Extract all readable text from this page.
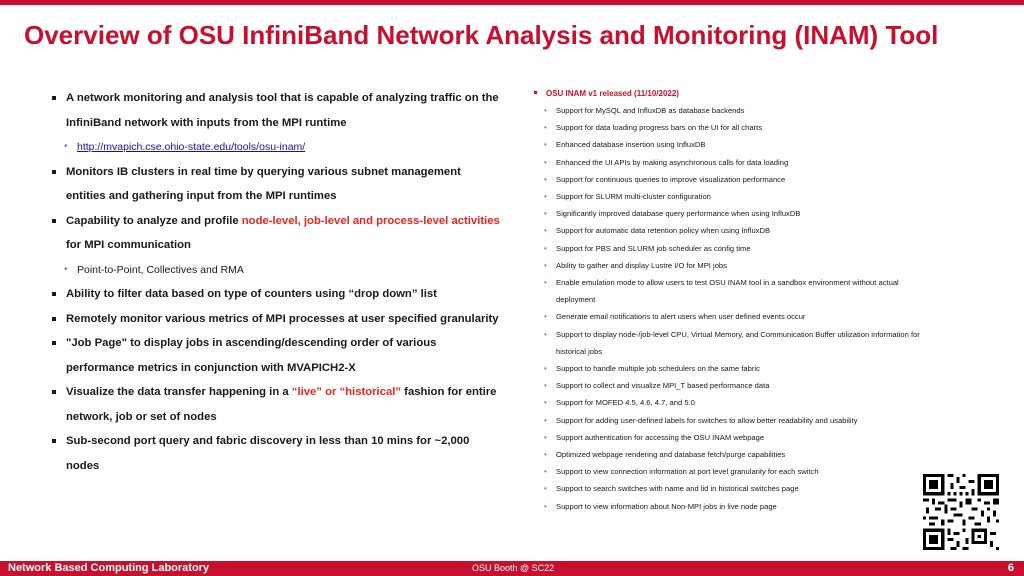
Overview of OSU InfiniBand Network Analysis and Monitoring (INAM) Tool
A network monitoring and analysis tool that is capable of analyzing traffic on the InfiniBand network with inputs from the MPI runtime
• http://mvapich.cse.ohio-state.edu/tools/osu-inam/
Monitors IB clusters in real time by querying various subnet management entities and gathering input from the MPI runtimes
Capability to analyze and profile node-level, job-level and process-level activities for MPI communication
• Point-to-Point, Collectives and RMA
Ability to filter data based on type of counters using “drop down” list
Remotely monitor various metrics of MPI processes at user specified granularity
"Job Page" to display jobs in ascending/descending order of various performance metrics in conjunction with MVAPICH2-X
Visualize the data transfer happening in a “live” or “historical” fashion for entire network, job or set of nodes
Sub-second port query and fabric discovery in less than 10 mins for ~2,000 nodes
OSU INAM v1 released (11/10/2022)
• Support for MySQL and InfluxDB as database backends
• Support for data loading progress bars on the UI for all charts
• Enhanced database insertion using InfluxDB
• Enhanced the UI APIs by making asynchronous calls for data loading
• Support for continuous queries to improve visualization performance
• Support for SLURM multi-cluster configuration
• Significantly improved database query performance when using InfluxDB
• Support for automatic data retention policy when using InfluxDB
• Support for PBS and SLURM job scheduler as config time
• Ability to gather and display Lustre I/O for MPI jobs
• Enable emulation mode to allow users to test OSU INAM tool in a sandbox environment without actual deployment
• Generate email notifications to alert users when user defined events occur
• Support to display node-/job-level CPU, Virtual Memory, and Communication Buffer utilization information for historical jobs
• Support to handle multiple job schedulers on the same fabric
• Support to collect and visualize MPI_T based performance data
• Support for MOFED 4.5, 4.6, 4.7, and 5.0
• Support for adding user-defined labels for switches to allow better readability and usability
• Support authentication for accessing the OSU INAM webpage
• Optimized webpage rendering and database fetch/purge capabilities
• Support to view connection information at port level granularity for each switch
• Support to search switches with name and lid in historical switches page
• Support to view information about Non-MPI jobs in live node page
Network Based Computing Laboratory	OSU Booth @ SC22	6
